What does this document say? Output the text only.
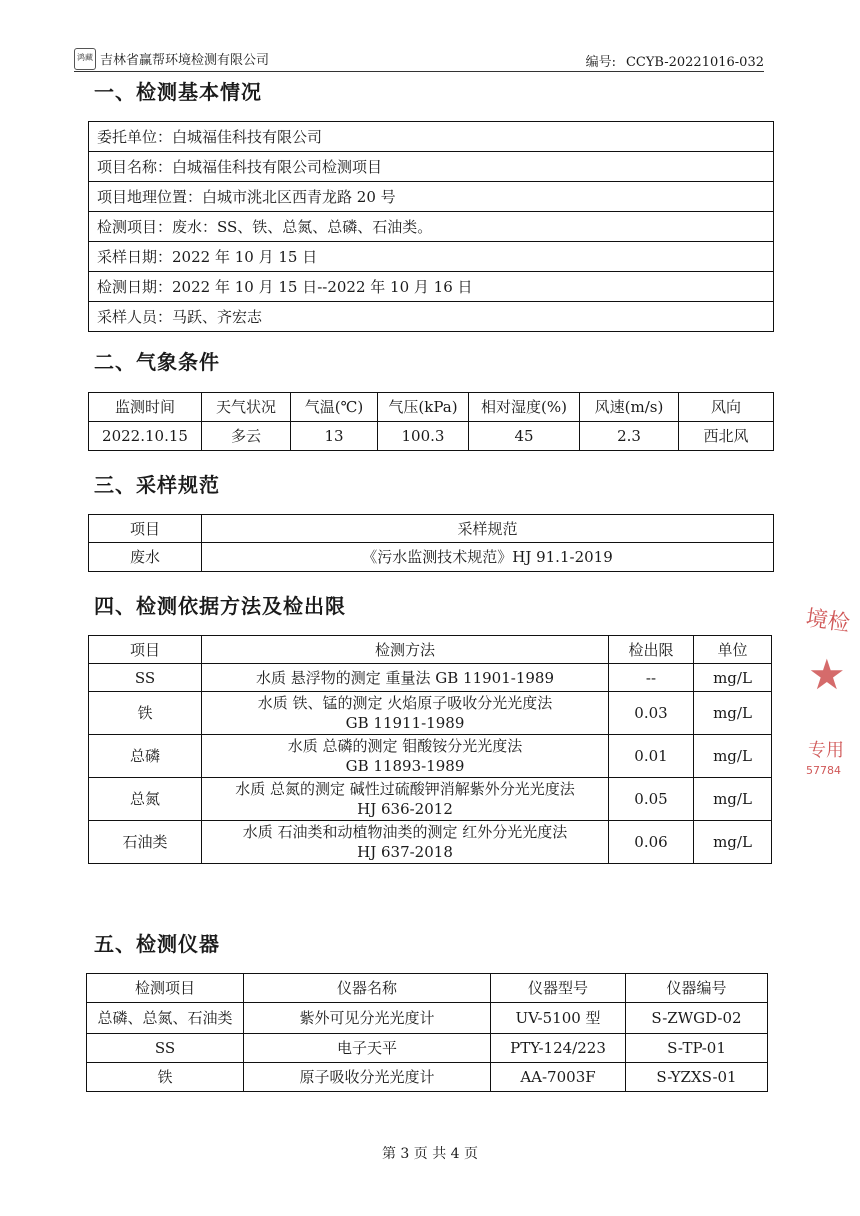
鸿藏 吉林省赢帮环境检测有限公司	编号: CCYB-20221016-032
一、检测基本情况
委托单位：白城福佳科技有限公司
项目名称：白城福佳科技有限公司检测项目
项目地理位置：白城市洮北区西青龙路 20 号
检测项目：废水：SS、铁、总氮、总磷、石油类。
采样日期：2022 年 10 月 15 日
检测日期：2022 年 10 月 15 日--2022 年 10 月 16 日
采样人员：马跃、齐宏志
二、气象条件
监测时间	天气状况	气温(℃)	气压(kPa)	相对湿度(%)	风速(m/s)	风向
2022.10.15	多云	13	100.3	45	2.3	西北风
三、采样规范
项目	采样规范
废水	《污水监测技术规范》HJ 91.1-2019
四、检测依据方法及检出限
项目	检测方法	检出限	单位
SS	水质 悬浮物的测定 重量法 GB 11901-1989	--	mg/L
铁	水质 铁、锰的测定 火焰原子吸收分光光度法
GB 11911-1989	0.03	mg/L
总磷	水质 总磷的测定 钼酸铵分光光度法
GB 11893-1989	0.01	mg/L
总氮	水质 总氮的测定 碱性过硫酸钾消解紫外分光光度法
HJ 636-2012	0.05	mg/L
石油类	水质 石油类和动植物油类的测定 红外分光光度法
HJ 637-2018	0.06	mg/L
境检
★
专用
57784
五、检测仪器
检测项目	仪器名称	仪器型号	仪器编号
总磷、总氮、石油类	紫外可见分光光度计	UV-5100 型	S-ZWGD-02
SS	电子天平	PTY-124/223	S-TP-01
铁	原子吸收分光光度计	AA-7003F	S-YZXS-01
第 3 页 共 4 页
